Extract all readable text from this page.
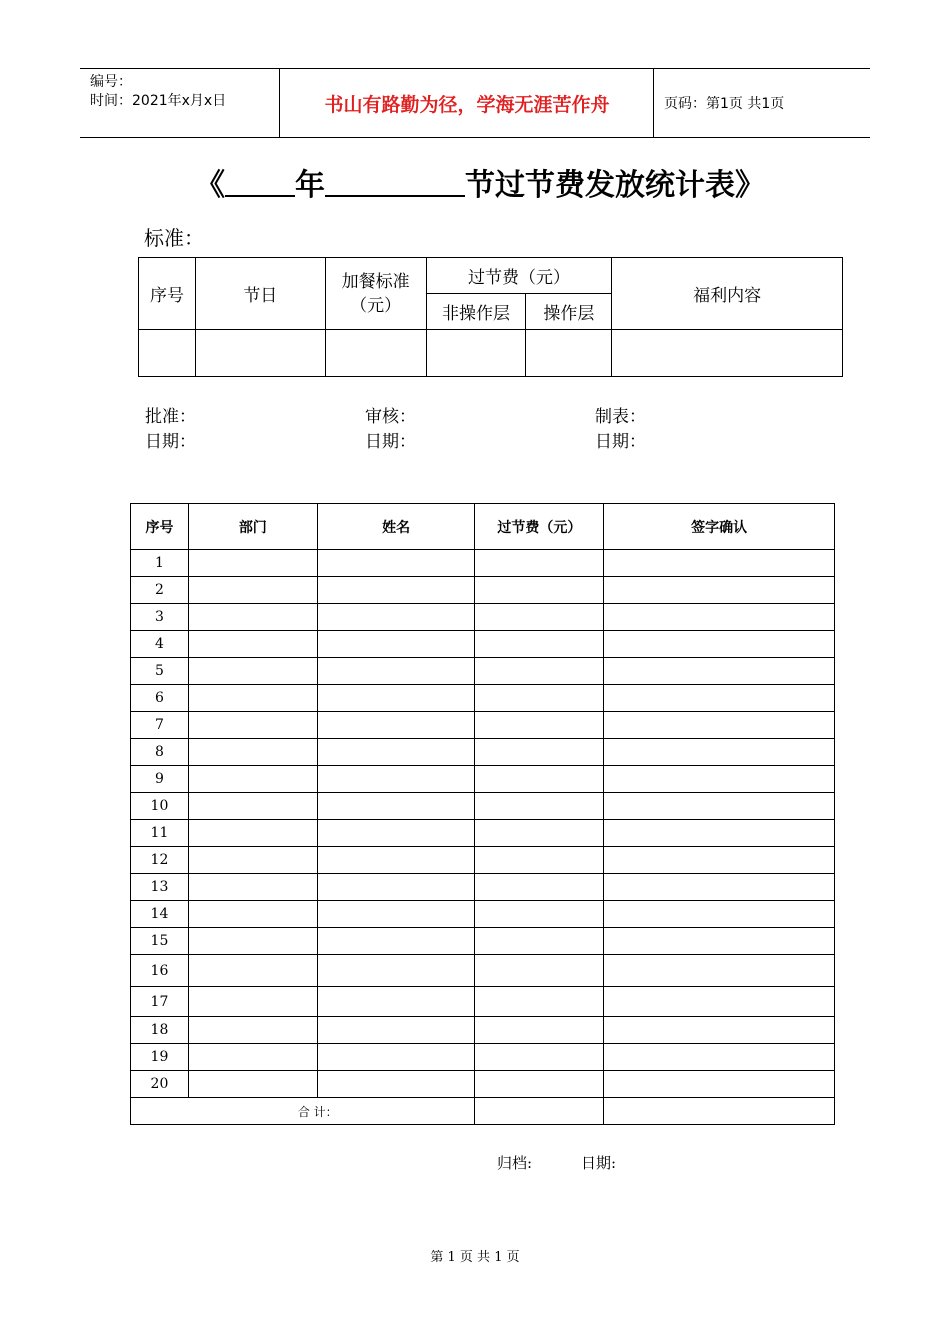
编号：
时间：2021年x月x日	书山有路勤为径，学海无涯苦作舟	页码：第1页 共1页
《 年	节过节费发放统计表》
标准：
序号	节日	加餐标准（元）	过节费（元）		福利内容
			非操作层	操作层	

批准：
日期：
审核：
日期：
制表：
日期：
序号	部门	姓名	过节费（元）	签字确认
1				
2				
3				
4				
5				
6				
7				
8				
9				
10				
11				
12				
13				
14				
15				
16				
17				
18				
19				
20				
合 计：				
归档:	日期:
第 1 页 共 1 页
